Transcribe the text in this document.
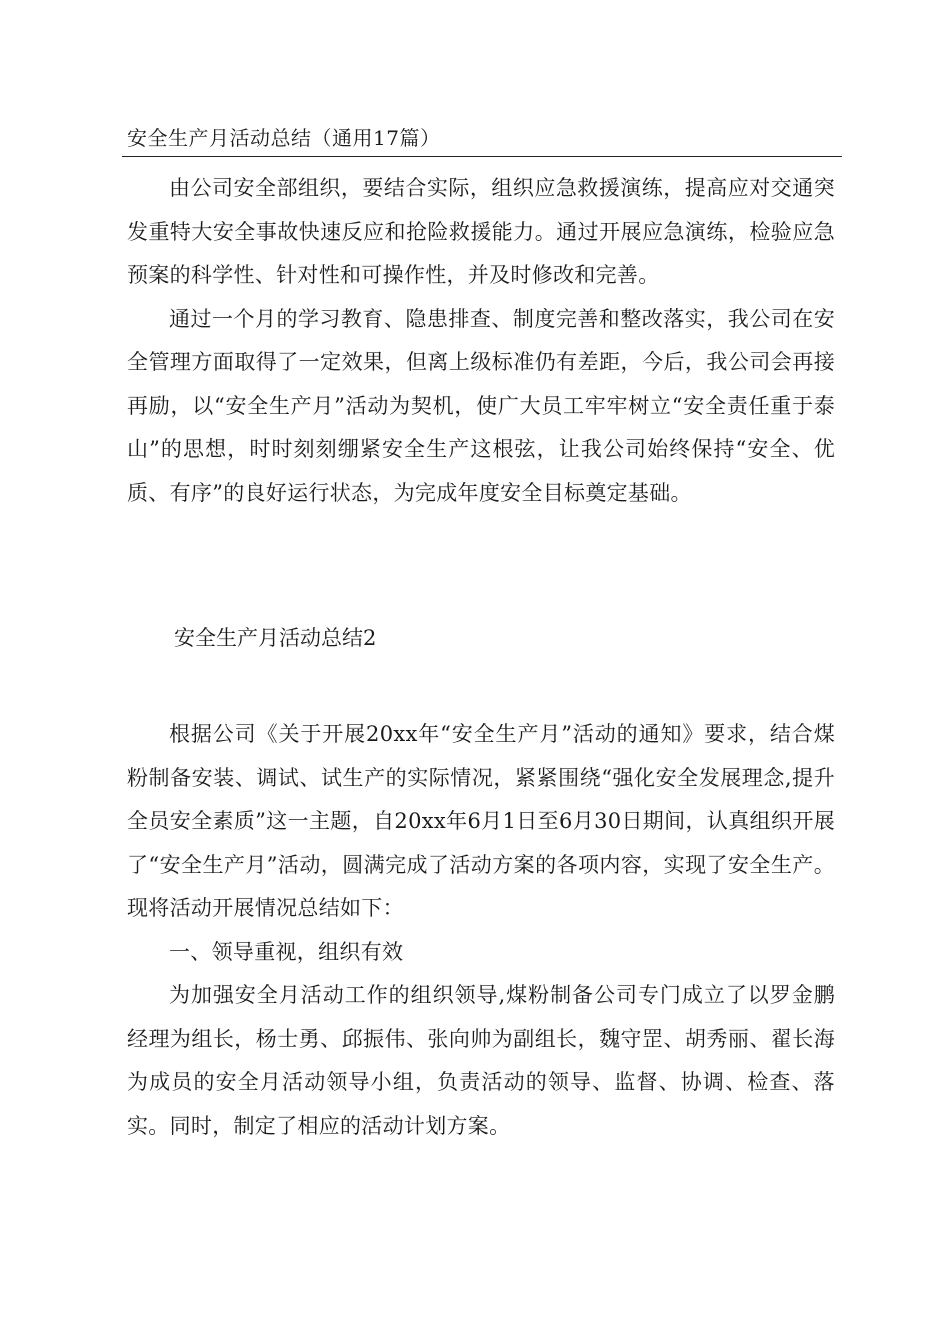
安全生产月活动总结（通用17篇）

由公司安全部组织，要结合实际，组织应急救援演练，提高应对交通突发重特大安全事故快速反应和抢险救援能力。通过开展应急演练，检验应急预案的科学性、针对性和可操作性，并及时修改和完善。

通过一个月的学习教育、隐患排查、制度完善和整改落实，我公司在安全管理方面取得了一定效果，但离上级标准仍有差距，今后，我公司会再接再励，以“安全生产月”活动为契机，使广大员工牢牢树立“安全责任重于泰山”的思想，时时刻刻绷紧安全生产这根弦，让我公司始终保持“安全、优质、有序”的良好运行状态，为完成年度安全目标奠定基础。

安全生产月活动总结2

根据公司《关于开展20xx年“安全生产月”活动的通知》要求，结合煤粉制备安装、调试、试生产的实际情况，紧紧围绕“强化安全发展理念,提升全员安全素质”这一主题，自20xx年6月1日至6月30日期间，认真组织开展了“安全生产月”活动，圆满完成了活动方案的各项内容，实现了安全生产。现将活动开展情况总结如下：

一、领导重视，组织有效

为加强安全月活动工作的组织领导,煤粉制备公司专门成立了以罗金鹏经理为组长，杨士勇、邱振伟、张向帅为副组长，魏守罡、胡秀丽、翟长海为成员的安全月活动领导小组，负责活动的领导、监督、协调、检查、落实。同时，制定了相应的活动计划方案。
